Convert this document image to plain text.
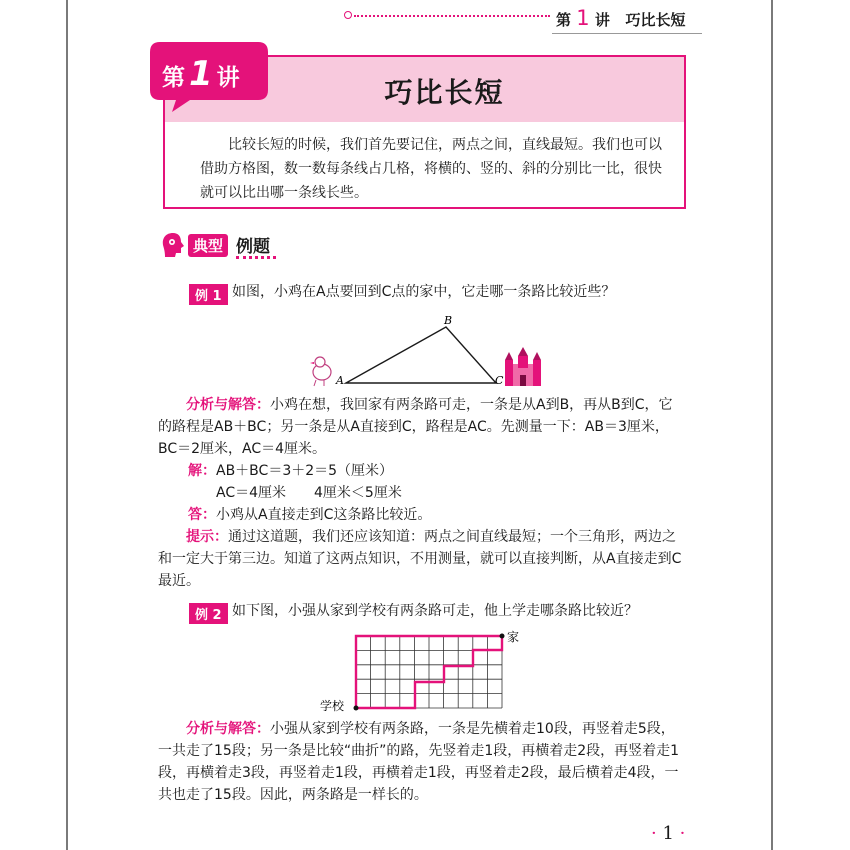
第 1 讲 巧比长短
巧比长短
比较长短的时候，我们首先要记住，两点之间，直线最短。我们也可以借助方格图，数一数每条线占几格，将横的、竖的、斜的分别比一比，很快就可以比出哪一条线长些。
第 1 讲
典型 例题
例 1 如图，小鸡在A点要回到C点的家中，它走哪一条路比较近些？
A
B
C
分析与解答：小鸡在想，我回家有两条路可走，一条是从A到B，再从B到C，它的路程是AB＋BC；另一条是从A直接到C，路程是AC。先测量一下：AB＝3厘米，BC＝2厘米，AC＝4厘米。
解：AB＋BC＝3＋2＝5（厘米）
AC＝4厘米　　4厘米＜5厘米
答：小鸡从A直接走到C这条路比较近。
提示：通过这道题，我们还应该知道：两点之间直线最短；一个三角形，两边之和一定大于第三边。知道了这两点知识，不用测量，就可以直接判断，从A直接走到C最近。
例 2 如下图，小强从家到学校有两条路可走，他上学走哪条路比较近？
家
学校
分析与解答：小强从家到学校有两条路，一条是先横着走10段，再竖着走5段，一共走了15段；另一条是比较“曲折”的路，先竖着走1段，再横着走2段，再竖着走1段，再横着走3段，再竖着走1段，再横着走1段，再竖着走2段，最后横着走4段，一共也走了15段。因此，两条路是一样长的。
· 1 ·
